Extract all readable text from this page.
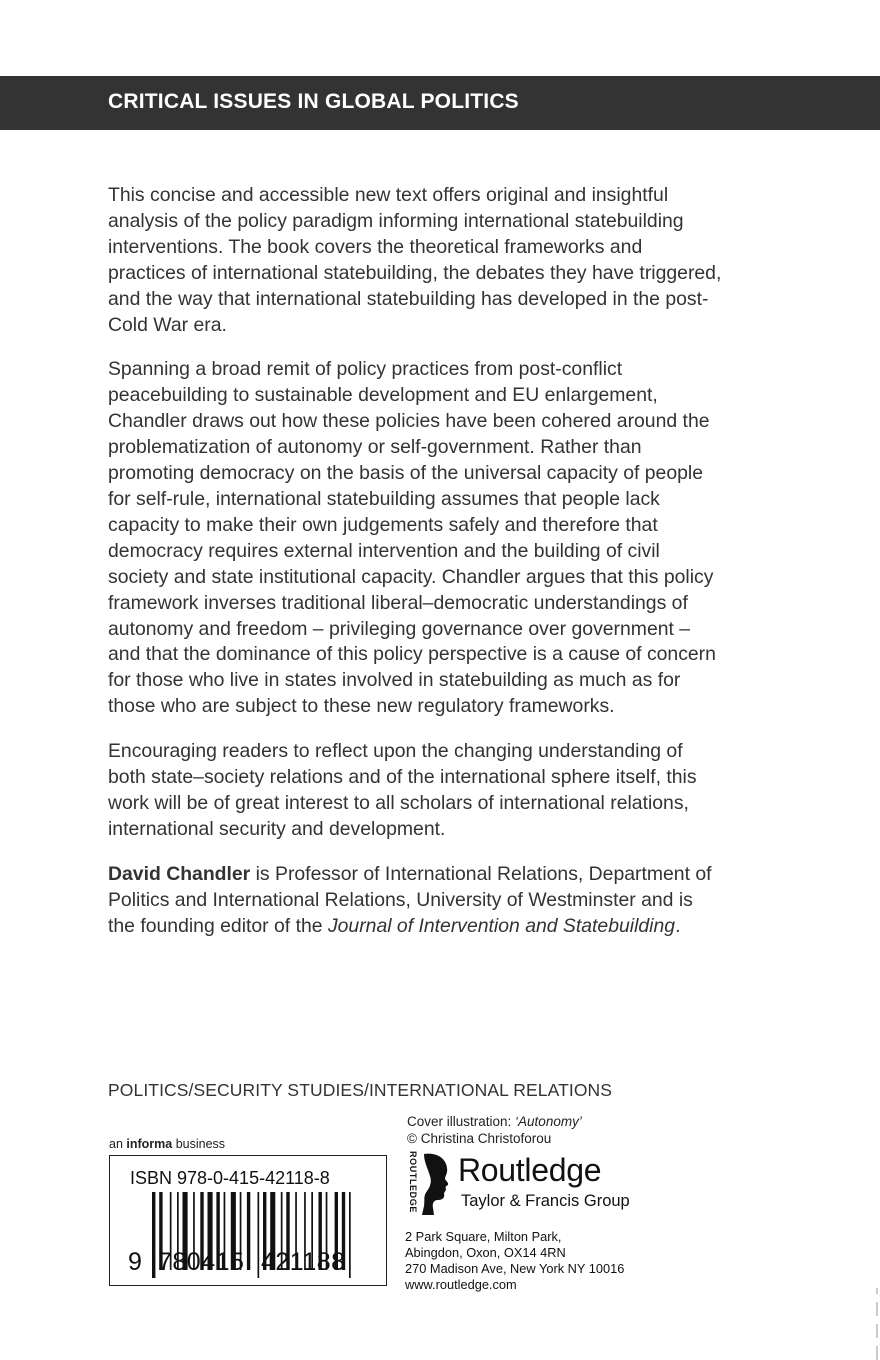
CRITICAL ISSUES IN GLOBAL POLITICS

This concise and accessible new text offers original and insightful analysis of the policy paradigm informing international statebuilding interventions. The book covers the theoretical frameworks and practices of international statebuilding, the debates they have triggered, and the way that international statebuilding has developed in the post-Cold War era.

Spanning a broad remit of policy practices from post-conflict peacebuilding to sustainable development and EU enlargement, Chandler draws out how these policies have been cohered around the problematization of autonomy or self-government. Rather than promoting democracy on the basis of the universal capacity of people for self-rule, international statebuilding assumes that people lack capacity to make their own judgements safely and therefore that democracy requires external intervention and the building of civil society and state institutional capacity. Chandler argues that this policy framework inverses traditional liberal–democratic understandings of autonomy and freedom – privileging governance over government – and that the dominance of this policy perspective is a cause of concern for those who live in states involved in statebuilding as much as for those who are subject to these new regulatory frameworks.

Encouraging readers to reflect upon the changing understanding of both state–society relations and of the international sphere itself, this work will be of great interest to all scholars of international relations, international security and development.

David Chandler is Professor of International Relations, Department of Politics and International Relations, University of Westminster and is the founding editor of the Journal of Intervention and Statebuilding.

POLITICS/SECURITY STUDIES/INTERNATIONAL RELATIONS
an informa business
ISBN 978-0-415-42118-8
9 780415 421188
Cover illustration: ‘Autonomy’
© Christina Christoforou
ROUTLEDGE Routledge
Taylor & Francis Group
2 Park Square, Milton Park,
Abingdon, Oxon, OX14 4RN
270 Madison Ave, New York NY 10016
www.routledge.com
